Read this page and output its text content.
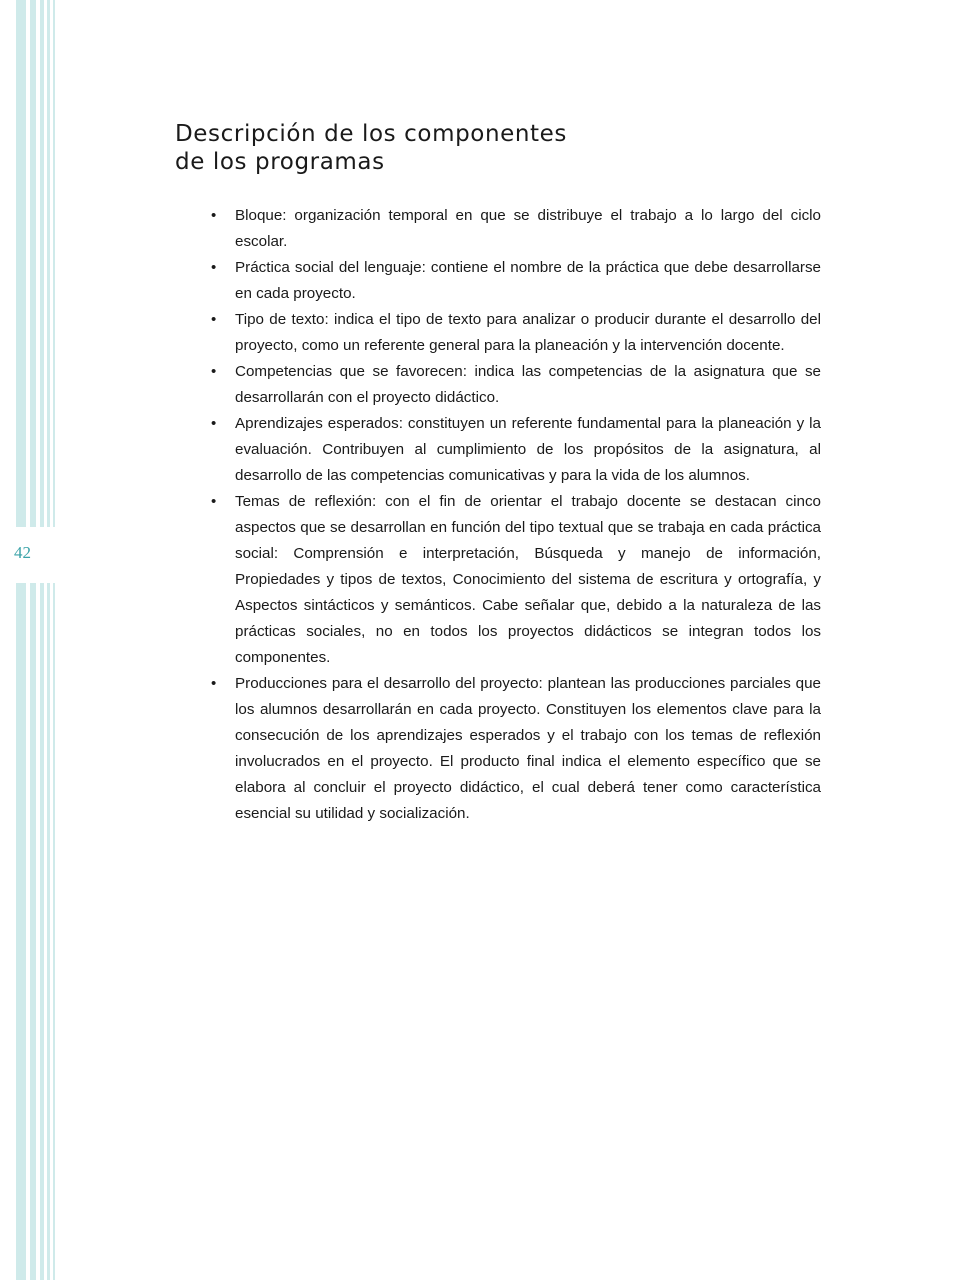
42
Descripción de los componentes
de los programas
• Bloque: organización temporal en que se distribuye el trabajo a lo largo del ciclo escolar.
• Práctica social del lenguaje: contiene el nombre de la práctica que debe desarrollarse en cada proyecto.
• Tipo de texto: indica el tipo de texto para analizar o producir durante el desarrollo del proyecto, como un referente general para la planeación y la intervención docente.
• Competencias que se favorecen: indica las competencias de la asignatura que se desarrollarán con el proyecto didáctico.
• Aprendizajes esperados: constituyen un referente fundamental para la planeación y la evaluación. Contribuyen al cumplimiento de los propósitos de la asignatura, al desarrollo de las competencias comunicativas y para la vida de los alumnos.
• Temas de reflexión: con el fin de orientar el trabajo docente se destacan cinco aspectos que se desarrollan en función del tipo textual que se trabaja en cada práctica social: Comprensión e interpretación, Búsqueda y manejo de información, Propiedades y tipos de textos, Conocimiento del sistema de escritura y ortografía, y Aspectos sintácticos y semánticos. Cabe señalar que, debido a la naturaleza de las prácticas sociales, no en todos los proyectos didácticos se integran todos los componentes.
• Producciones para el desarrollo del proyecto: plantean las producciones parciales que los alumnos desarrollarán en cada proyecto. Constituyen los elementos clave para la consecución de los aprendizajes esperados y el trabajo con los temas de reflexión involucrados en el proyecto. El producto final indica el elemento específico que se elabora al concluir el proyecto didáctico, el cual deberá tener como característica esencial su utilidad y socialización.
